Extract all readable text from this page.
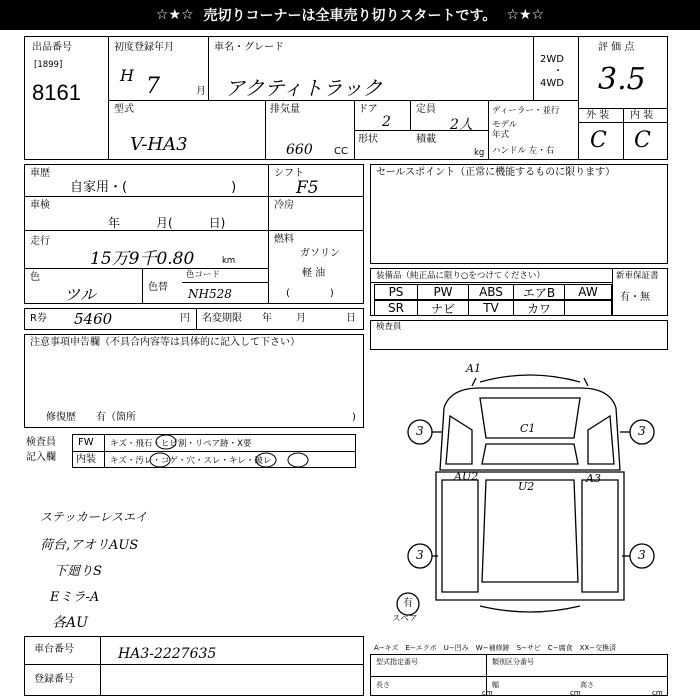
☆★☆ 売切りコーナーは全車売り切りスタートです。 ☆★☆
出品番号
[1899]
8161
初度登録年月
H 7	月
車名・グレード
アクティトラック
2WD
・
4WD
評 価 点
3.5
型式
V-HA3
排気量
660 CC
ドア
2
定員
2人
形状	積載
kg
ディーラー・並行
モデル
年式
ハンドル 左・右
外 装 内 装
C C
車歴
自家用・(　　　　　　　　)
車検
年　　　月(　　　日)
走行
15万9千0.80	km
色
ツル	色替
色コード
NH528
シフト
F5
冷房
燃料
ガソリン
軽 油
(　　　　)
セールスポイント（正常に機能するものに限ります）
装備品（純正品に限り○をつけてください）	新車保証書
有・無
PS	PW	ABS	エアB	AW
SR	ナビ	TV	カワ
R券 5460	円 名変期限 年 月	日
検査員
注意事項申告欄（不具合内容等は具体的に記入して下さい）
修復歴　　有（箇所	)
検査員
記入欄
FW キズ・飛石・ヒビ割・リペア跡・X要
内装 キズ・汚レ・コゲ・穴・スレ・キレ・破レ
ステッカーレスエイ
荷台,アオリAUS
下廻りS
Eミラ-A
各AU
A1
C1
AU2
U2
A3
3	3
3	3
有
スペア
A−キズ　E−エクボ　U−凹み　W−補修跡　S−サビ　C−腐食　XX−交換済
車台番号	HA3-2227635
登録番号
型式指定番号	類別区分番号
長さ
cm
幅
cm
高さ
cm
